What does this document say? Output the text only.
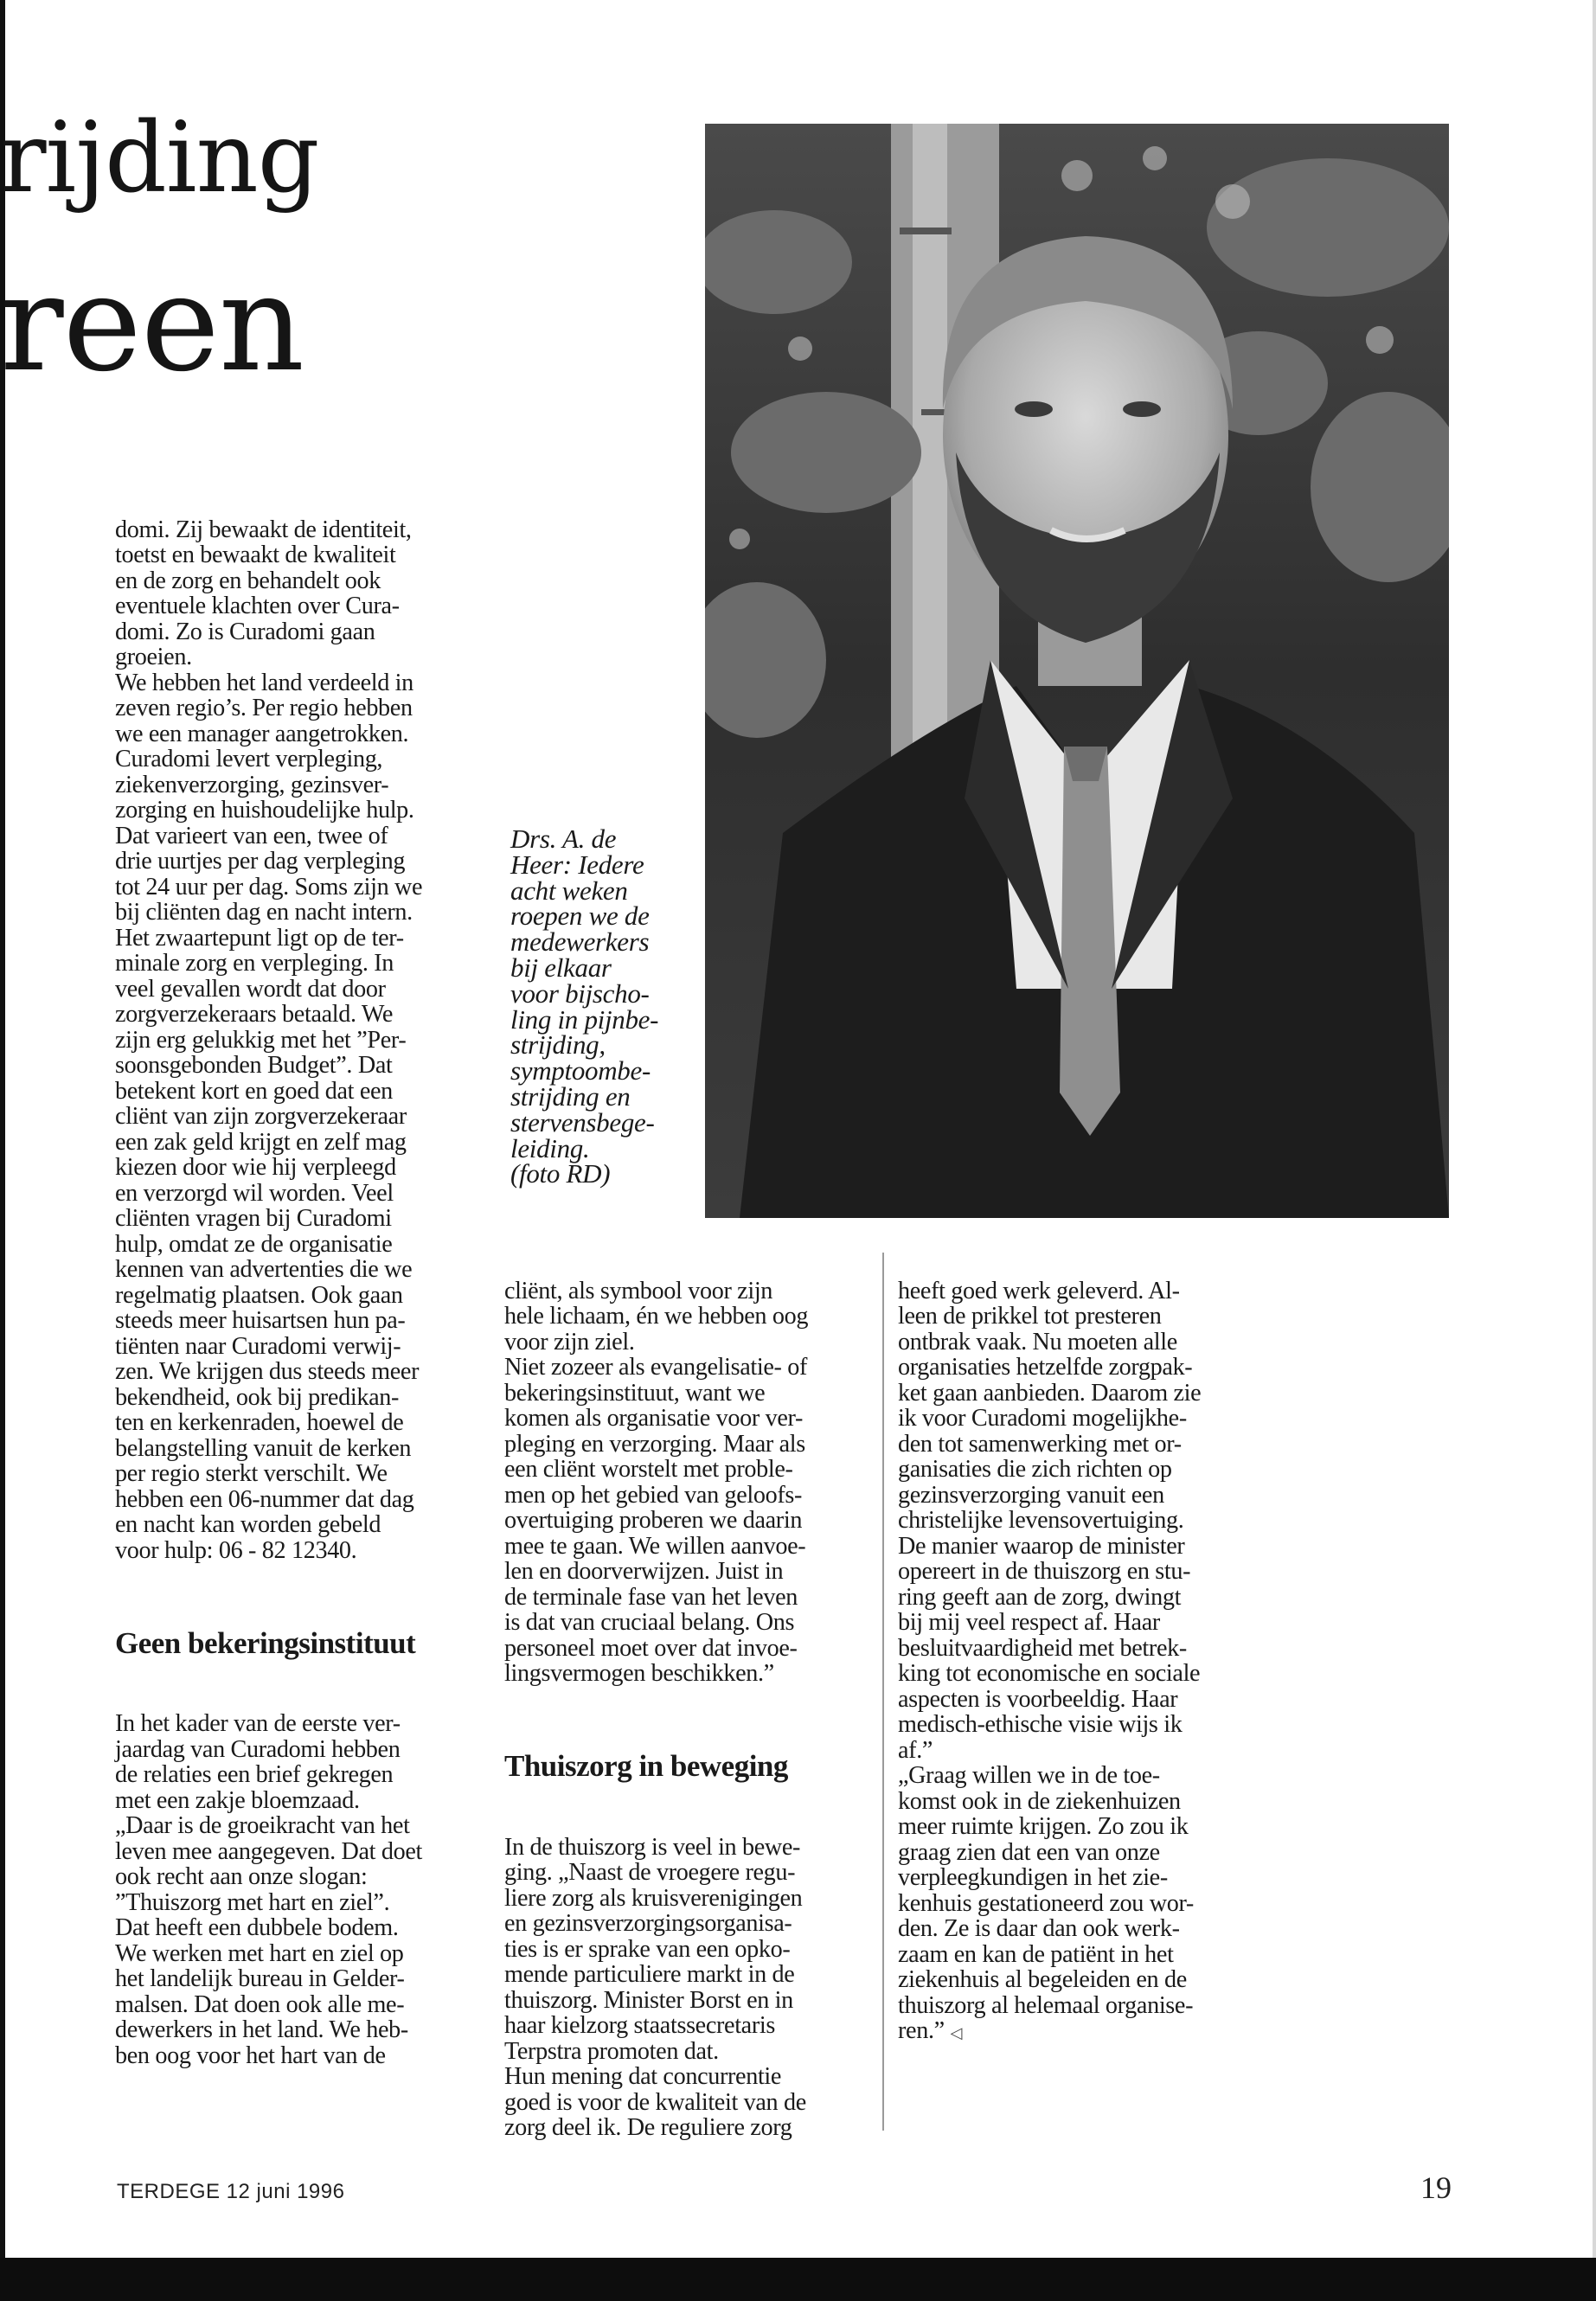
rijding
reen

domi. Zij bewaakt de identiteit,
toetst en bewaakt de kwaliteit
en de zorg en behandelt ook
eventuele klachten over Cura-
domi. Zo is Curadomi gaan
groeien.
We hebben het land verdeeld in
zeven regio’s. Per regio hebben
we een manager aangetrokken.
Curadomi levert verpleging,
ziekenverzorging, gezinsver-
zorging en huishoudelijke hulp.
Dat varieert van een, twee of
drie uurtjes per dag verpleging
tot 24 uur per dag. Soms zijn we
bij cliënten dag en nacht intern.
Het zwaartepunt ligt op de ter-
minale zorg en verpleging. In
veel gevallen wordt dat door
zorgverzekeraars betaald. We
zijn erg gelukkig met het ”Per-
soonsgebonden Budget”. Dat
betekent kort en goed dat een
cliënt van zijn zorgverzekeraar
een zak geld krijgt en zelf mag
kiezen door wie hij verpleegd
en verzorgd wil worden. Veel
cliënten vragen bij Curadomi
hulp, omdat ze de organisatie
kennen van advertenties die we
regelmatig plaatsen. Ook gaan
steeds meer huisartsen hun pa-
tiënten naar Curadomi verwij-
zen. We krijgen dus steeds meer
bekendheid, ook bij predikan-
ten en kerkenraden, hoewel de
belangstelling vanuit de kerken
per regio sterkt verschilt. We
hebben een 06-nummer dat dag
en nacht kan worden gebeld
voor hulp: 06 - 82 12340.

Geen bekeringsinstituut

In het kader van de eerste ver-
jaardag van Curadomi hebben
de relaties een brief gekregen
met een zakje bloemzaad.
„Daar is de groeikracht van het
leven mee aangegeven. Dat doet
ook recht aan onze slogan:
”Thuiszorg met hart en ziel”.
Dat heeft een dubbele bodem.
We werken met hart en ziel op
het landelijk bureau in Gelder-
malsen. Dat doen ook alle me-
dewerkers in het land. We heb-
ben oog voor het hart van de

Drs. A. de
Heer: Iedere
acht weken
roepen we de
medewerkers
bij elkaar
voor bijscho-
ling in pijnbe-
strijding,
symptoombe-
strijding en
stervensbege-
leiding.
(foto RD)

cliënt, als symbool voor zijn
hele lichaam, én we hebben oog
voor zijn ziel.
Niet zozeer als evangelisatie- of
bekeringsinstituut, want we
komen als organisatie voor ver-
pleging en verzorging. Maar als
een cliënt worstelt met proble-
men op het gebied van geloofs-
overtuiging proberen we daarin
mee te gaan. We willen aanvoe-
len en doorverwijzen. Juist in
de terminale fase van het leven
is dat van cruciaal belang. Ons
personeel moet over dat invoe-
lingsvermogen beschikken.”

Thuiszorg in beweging

In de thuiszorg is veel in bewe-
ging. „Naast de vroegere regu-
liere zorg als kruisverenigingen
en gezinsverzorgingsorganisa-
ties is er sprake van een opko-
mende particuliere markt in de
thuiszorg. Minister Borst en in
haar kielzorg staatssecretaris
Terpstra promoten dat.
Hun mening dat concurrentie
goed is voor de kwaliteit van de
zorg deel ik. De reguliere zorg

heeft goed werk geleverd. Al-
leen de prikkel tot presteren
ontbrak vaak. Nu moeten alle
organisaties hetzelfde zorgpak-
ket gaan aanbieden. Daarom zie
ik voor Curadomi mogelijkhe-
den tot samenwerking met or-
ganisaties die zich richten op
gezinsverzorging vanuit een
christelijke levensovertuiging.
De manier waarop de minister
opereert in de thuiszorg en stu-
ring geeft aan de zorg, dwingt
bij mij veel respect af. Haar
besluitvaardigheid met betrek-
king tot economische en sociale
aspecten is voorbeeldig. Haar
medisch-ethische visie wijs ik
af.”
„Graag willen we in de toe-
komst ook in de ziekenhuizen
meer ruimte krijgen. Zo zou ik
graag zien dat een van onze
verpleegkundigen in het zie-
kenhuis gestationeerd zou wor-
den. Ze is daar dan ook werk-
zaam en kan de patiënt in het
ziekenhuis al begeleiden en de
thuiszorg al helemaal organise-
ren.” ◁

TERDEGE 12 juni 1996	19
